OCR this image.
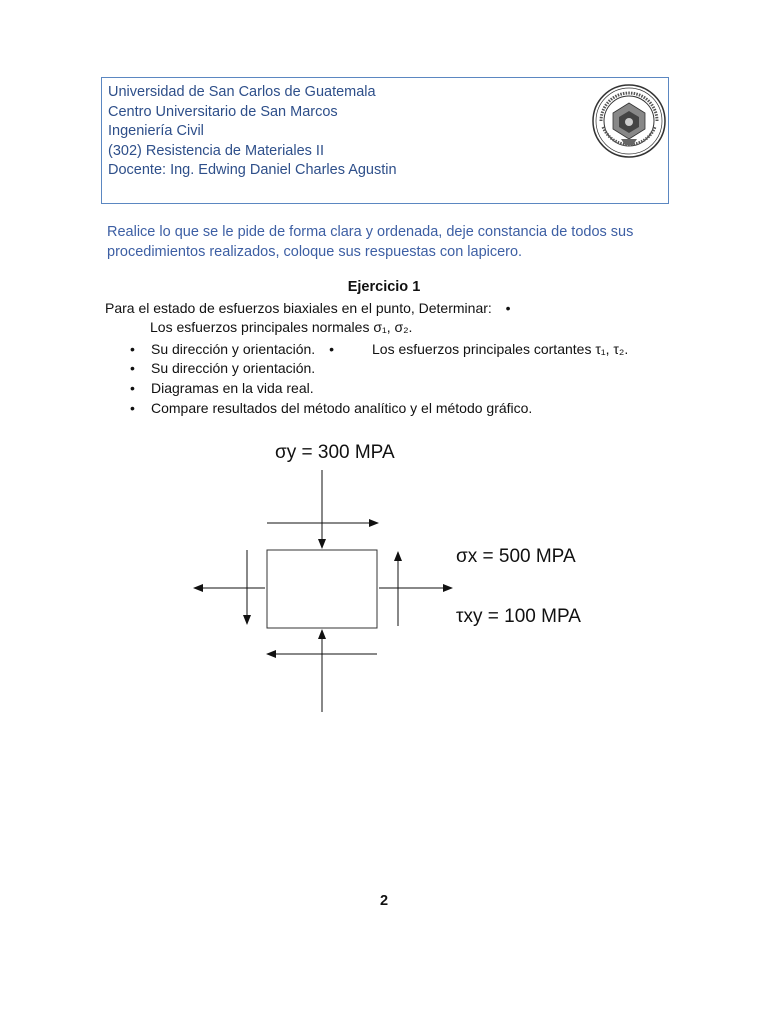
Universidad de San Carlos de Guatemala
Centro Universitario de San Marcos
Ingeniería Civil
(302) Resistencia de Materiales II
Docente: Ing. Edwing Daniel Charles Agustin
Realice lo que se le pide de forma clara y ordenada, deje constancia de todos sus procedimientos realizados, coloque sus respuestas con lapicero.
Ejercicio 1
Para el estado de esfuerzos biaxiales en el punto, Determinar: •
Los esfuerzos principales normales σ₁, σ₂.
• Su dirección y orientación. •	Los esfuerzos principales cortantes τ₁, τ₂.
• Su dirección y orientación.
• Diagramas en la vida real.
• Compare resultados del método analítico y el método gráfico.
σy = 300 MPA
σx = 500 MPA
τxy = 100 MPA
2
